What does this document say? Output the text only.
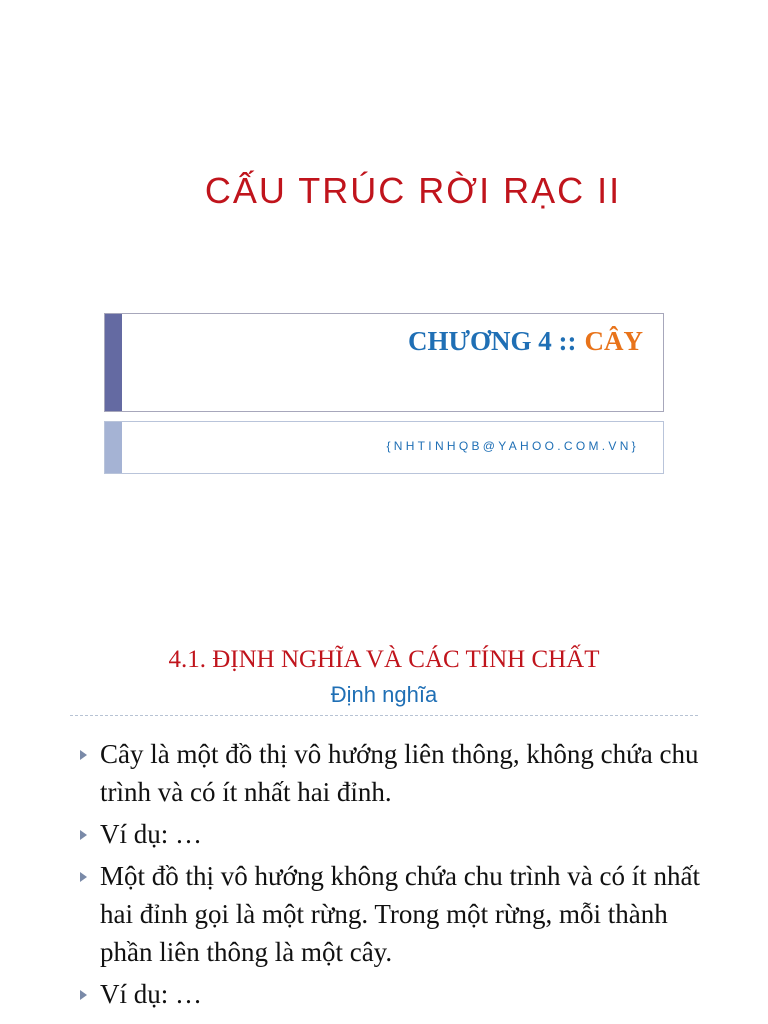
CẤU TRÚC RỜI RẠC II
CHƯƠNG 4 :: CÂY
{NHTINHQB@YAHOO.COM.VN}
4.1. ĐỊNH NGHĨA VÀ CÁC TÍNH CHẤT
Định nghĩa
Cây là một đồ thị vô hướng liên thông, không chứa chu trình và có ít nhất hai đỉnh.
Ví dụ: …
Một đồ thị vô hướng không chứa chu trình và có ít nhất hai đỉnh gọi là một rừng. Trong một rừng, mỗi thành phần liên thông là một cây.
Ví dụ: …
